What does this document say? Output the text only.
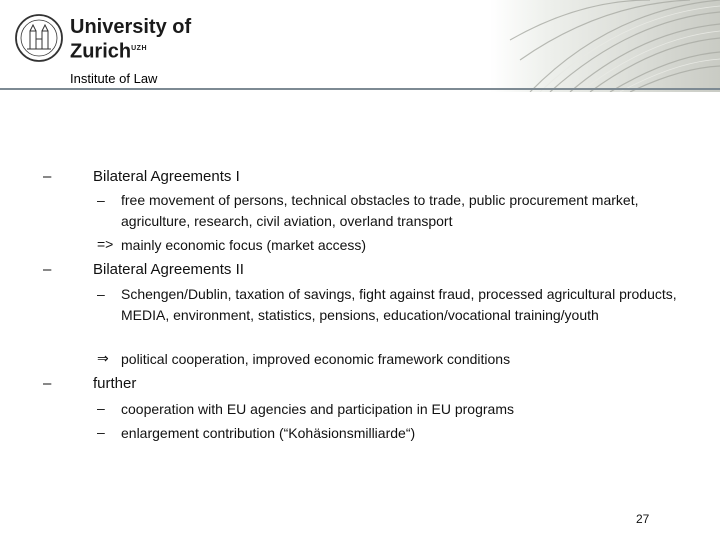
University of
Zurich$^{UZH}$
Institute of Law
–	Bilateral Agreements I
– free movement of persons, technical obstacles to trade, public procurement market, agriculture, research, civil aviation, overland transport
=> mainly economic focus (market access)
–	Bilateral Agreements II
– Schengen/Dublin, taxation of savings, fight against fraud, processed agricultural products, MEDIA, environment, statistics, pensions, education/vocational training/youth
⇒ political cooperation, improved economic framework conditions
–	further
– cooperation with EU agencies and participation in EU programs
– enlargement contribution (“Kohäsionsmilliarde“)
27
